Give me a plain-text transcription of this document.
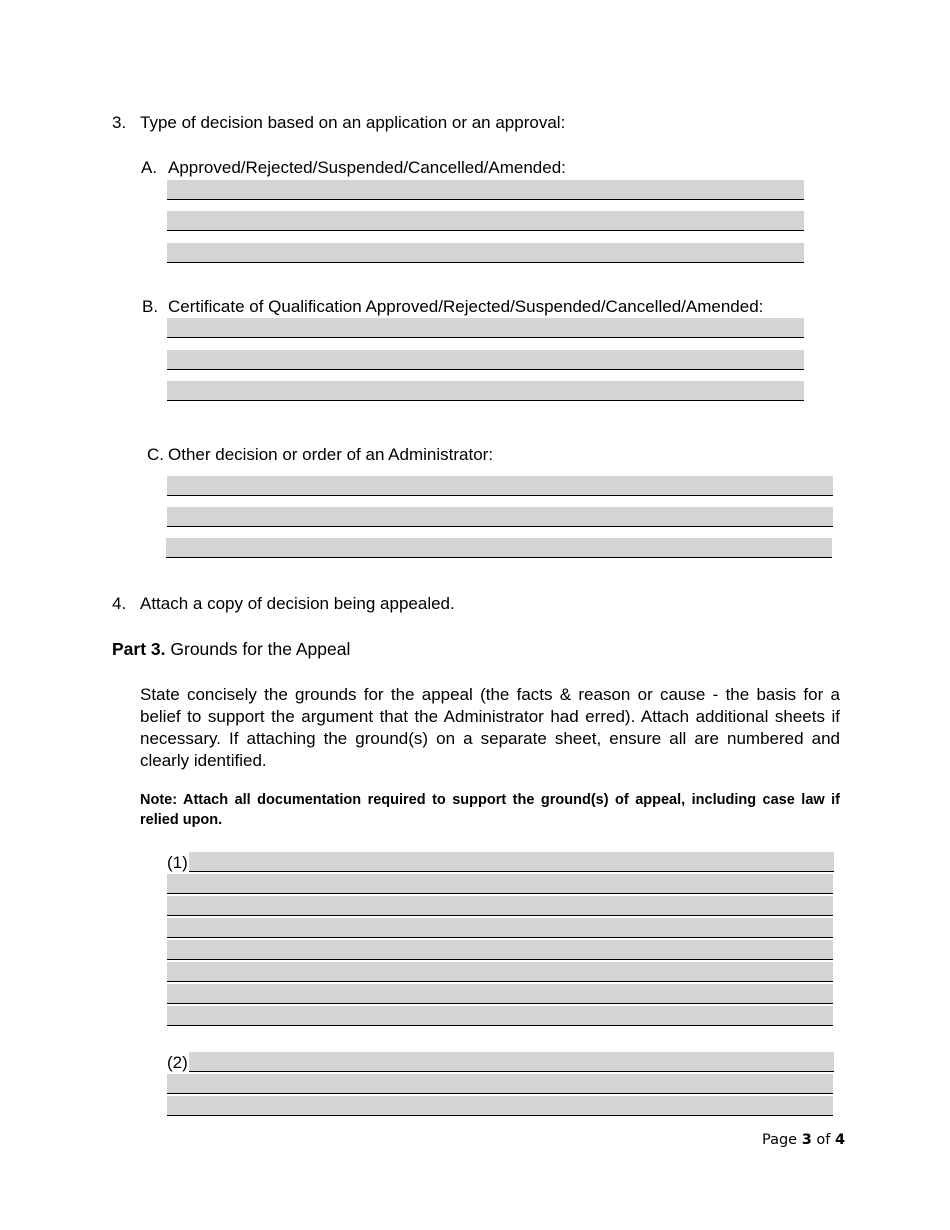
3. Type of decision based on an application or an approval:
A. Approved/Rejected/Suspended/Cancelled/Amended:
B. Certificate of Qualification Approved/Rejected/Suspended/Cancelled/Amended:
C. Other decision or order of an Administrator:
4. Attach a copy of decision being appealed.
Part 3. Grounds for the Appeal
State concisely the grounds for the appeal (the facts & reason or cause - the basis for a belief to support the argument that the Administrator had erred). Attach additional sheets if necessary. If attaching the ground(s) on a separate sheet, ensure all are numbered and clearly identified.
Note: Attach all documentation required to support the ground(s) of appeal, including case law if relied upon.
(1)
(2)
Page 3 of 4
